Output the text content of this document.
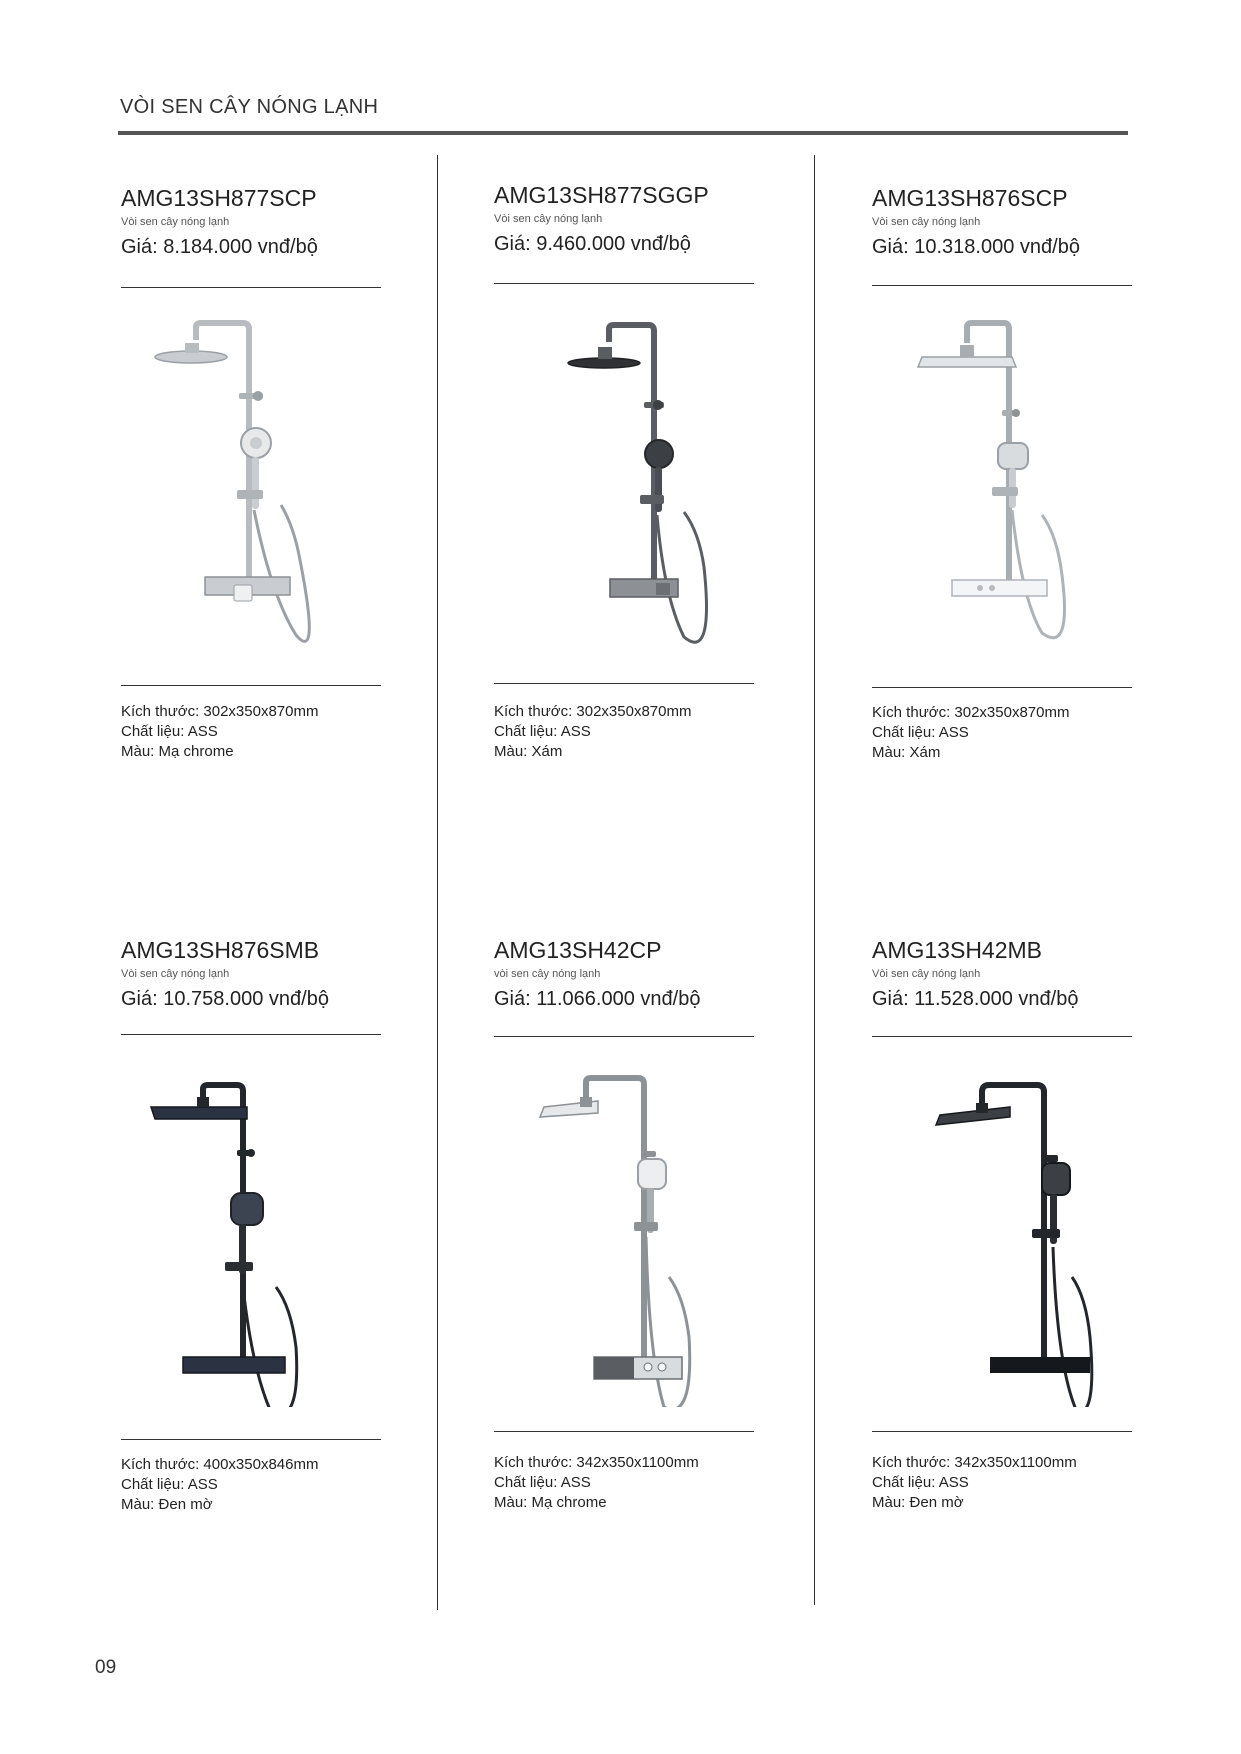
VÒI SEN CÂY NÓNG LẠNH
AMG13SH877SCP
Vòi sen cây nóng lạnh
Giá: 8.184.000 vnđ/bộ
Kích thước: 302x350x870mm
Chất liệu: ASS
Màu: Mạ chrome
AMG13SH877SGGP
Vòi sen cây nóng lạnh
Giá: 9.460.000 vnđ/bộ
Kích thước: 302x350x870mm
Chất liệu: ASS
Màu: Xám
AMG13SH876SCP
Vòi sen cây nóng lạnh
Giá: 10.318.000 vnđ/bộ
Kích thước: 302x350x870mm
Chất liệu: ASS
Màu: Xám
AMG13SH876SMB
Vòi sen cây nóng lạnh
Giá: 10.758.000 vnđ/bộ
Kích thước: 400x350x846mm
Chất liệu: ASS
Màu: Đen mờ
AMG13SH42CP
vòi sen cây nóng lạnh
Giá: 11.066.000 vnđ/bộ
Kích thước: 342x350x1100mm
Chất liệu: ASS
Màu: Mạ chrome
AMG13SH42MB
Vòi sen cây nóng lạnh
Giá: 11.528.000 vnđ/bộ
Kích thước: 342x350x1100mm
Chất liệu: ASS
Màu: Đen mờ
09
